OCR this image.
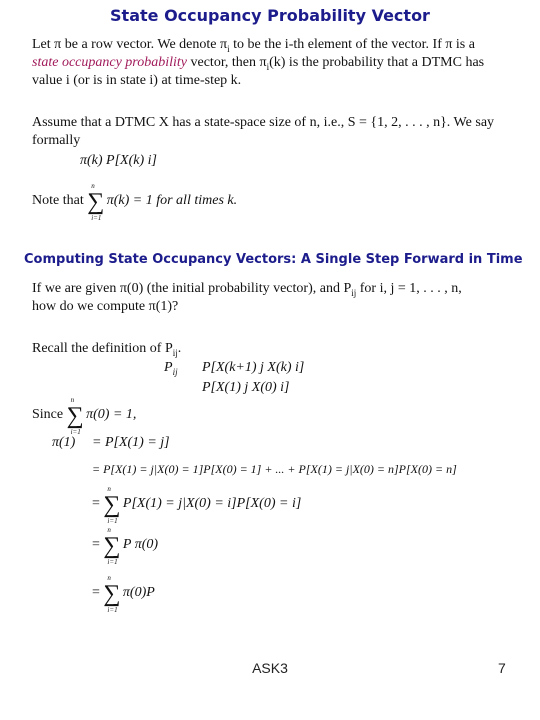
State Occupancy Probability Vector
Let π be a row vector. We denote $\pi_i$ to be the i-th element of the vector. If π is a
state occupancy probability vector, then $\pi_i(k)$ is the probability that a DTMC has
value i (or is in state i) at time-step k.
Assume that a DTMC X has a state-space size of n, i.e., S = {1, 2, . . . , n}. We say
formally
π(k) P[X(k) i]
Note that
n
∑
i=1
π(k) = 1 for all times k.
Computing State Occupancy Vectors: A Single Step Forward in Time
If we are given π(0) (the initial probability vector), and $P_{ij}$ for i, j = 1, . . . , n,
how do we compute π(1)?
Recall the definition of $P_{ij}$.
$P_{ij}$ P[X(k+1) j X(k) i]
P[X(1) j X(0) i]
Since
n
∑
i=1
π(0) = 1,
π(1) = P[X(1) = j]
= P[X(1) = j|X(0) = 1]P[X(0) = 1] + ... + P[X(1) = j|X(0) = n]P[X(0) = n]
=
n
∑
i=1
P[X(1) = j|X(0) = i]P[X(0) = i]
=
n
∑
i=1
P π(0)
=
n
∑
i=1
π(0)P
ASK3	7
